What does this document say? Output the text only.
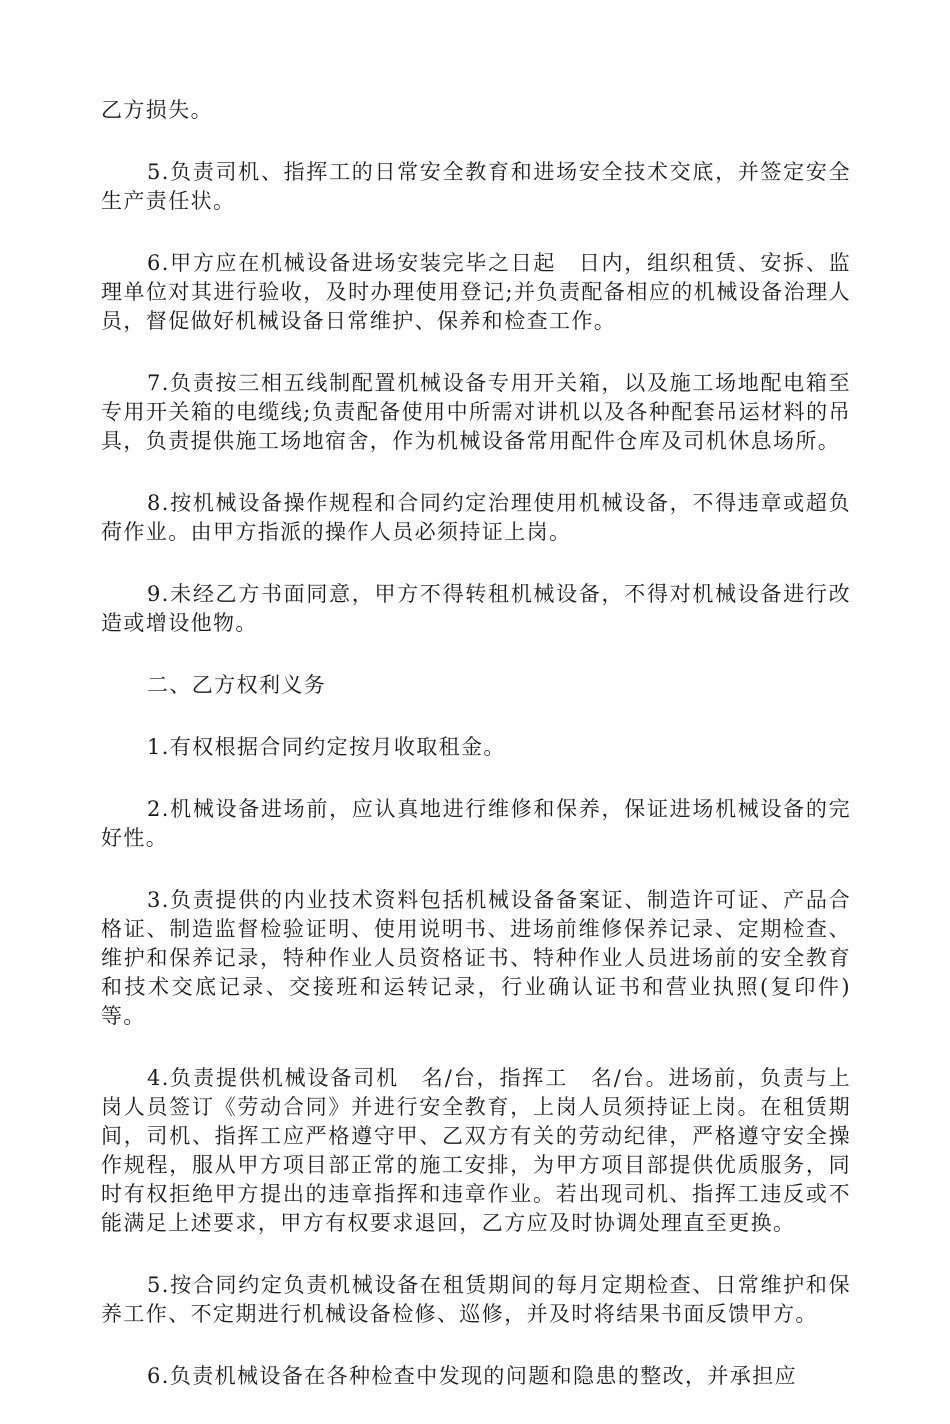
乙方损失。

5.负责司机、指挥工的日常安全教育和进场安全技术交底，并签定安全生产责任状。

6.甲方应在机械设备进场安装完毕之日起　日内，组织租赁、安拆、监理单位对其进行验收，及时办理使用登记;并负责配备相应的机械设备治理人员，督促做好机械设备日常维护、保养和检查工作。

7.负责按三相五线制配置机械设备专用开关箱，以及施工场地配电箱至专用开关箱的电缆线;负责配备使用中所需对讲机以及各种配套吊运材料的吊具，负责提供施工场地宿舍，作为机械设备常用配件仓库及司机休息场所。

8.按机械设备操作规程和合同约定治理使用机械设备，不得违章或超负荷作业。由甲方指派的操作人员必须持证上岗。

9.未经乙方书面同意，甲方不得转租机械设备，不得对机械设备进行改造或增设他物。

二、乙方权利义务

1.有权根据合同约定按月收取租金。

2.机械设备进场前，应认真地进行维修和保养，保证进场机械设备的完好性。

3.负责提供的内业技术资料包括机械设备备案证、制造许可证、产品合格证、制造监督检验证明、使用说明书、进场前维修保养记录、定期检查、维护和保养记录，特种作业人员资格证书、特种作业人员进场前的安全教育和技术交底记录、交接班和运转记录，行业确认证书和营业执照(复印件)等。

4.负责提供机械设备司机　名/台，指挥工　名/台。进场前，负责与上岗人员签订《劳动合同》并进行安全教育，上岗人员须持证上岗。在租赁期间，司机、指挥工应严格遵守甲、乙双方有关的劳动纪律，严格遵守安全操作规程，服从甲方项目部正常的施工安排，为甲方项目部提供优质服务，同时有权拒绝甲方提出的违章指挥和违章作业。若出现司机、指挥工违反或不能满足上述要求，甲方有权要求退回，乙方应及时协调处理直至更换。

5.按合同约定负责机械设备在租赁期间的每月定期检查、日常维护和保养工作、不定期进行机械设备检修、巡修，并及时将结果书面反馈甲方。

6.负责机械设备在各种检查中发现的问题和隐患的整改，并承担应
